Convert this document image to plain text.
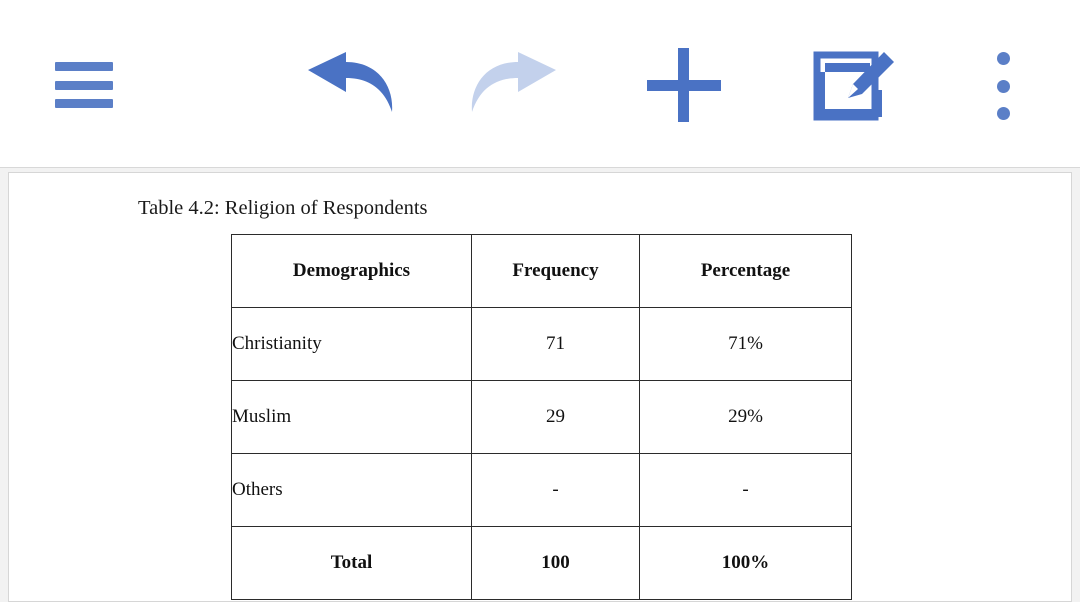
Table 4.2: Religion of Respondents
Demographics	Frequency	Percentage
Christianity	71	71%
Muslim	29	29%
Others	-	-
Total	100	100%
